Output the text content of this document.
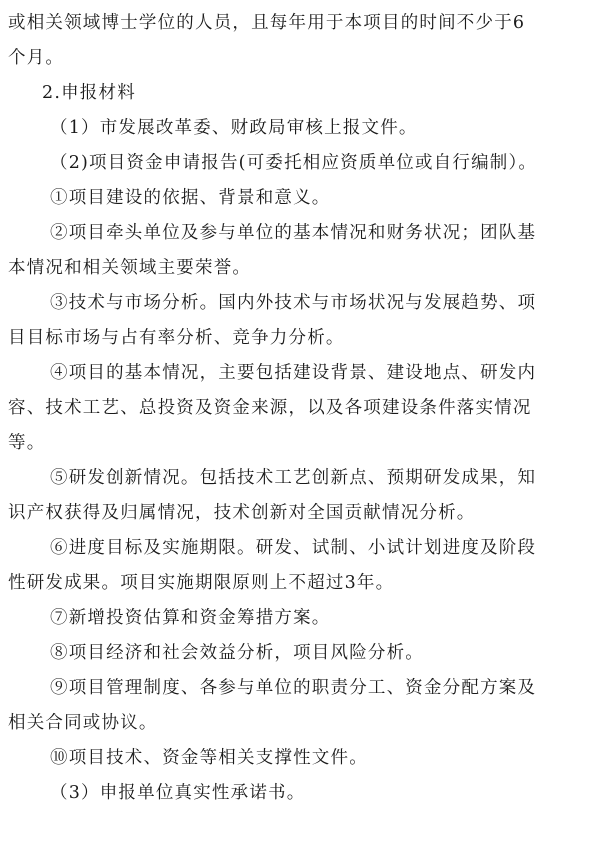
或相关领域博士学位的人员，且每年用于本项目的时间不少于6
个月。
2.申报材料
（1）市发展改革委、财政局审核上报文件。
（2)项目资金申请报告(可委托相应资质单位或自行编制）。
①项目建设的依据、背景和意义。
②项目牵头单位及参与单位的基本情况和财务状况；团队基
本情况和相关领域主要荣誉。
③技术与市场分析。国内外技术与市场状况与发展趋势、项
目目标市场与占有率分析、竞争力分析。
④项目的基本情况，主要包括建设背景、建设地点、研发内
容、技术工艺、总投资及资金来源，以及各项建设条件落实情况
等。
⑤研发创新情况。包括技术工艺创新点、预期研发成果，知
识产权获得及归属情况，技术创新对全国贡献情况分析。
⑥进度目标及实施期限。研发、试制、小试计划进度及阶段
性研发成果。项目实施期限原则上不超过3年。
⑦新增投资估算和资金筹措方案。
⑧项目经济和社会效益分析，项目风险分析。
⑨项目管理制度、各参与单位的职责分工、资金分配方案及
相关合同或协议。
⑩项目技术、资金等相关支撑性文件。
（3）申报单位真实性承诺书。
